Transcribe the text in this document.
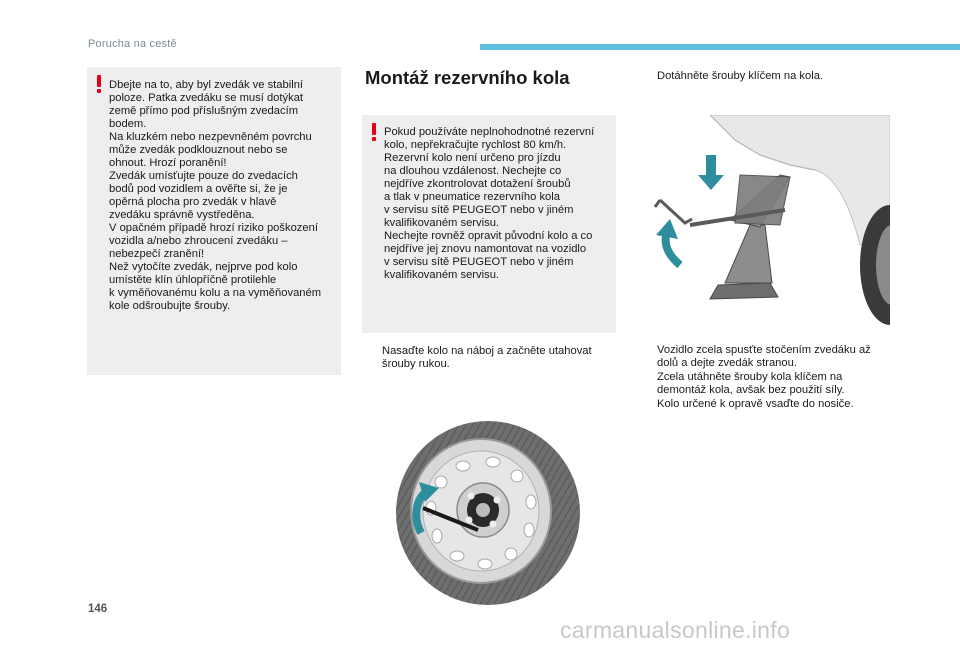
Porucha na cestě
Dbejte na to, aby byl zvedák ve stabilní
poloze. Patka zvedáku se musí dotýkat
země přímo pod příslušným zvedacím
bodem.
Na kluzkém nebo nezpevněném povrchu
může zvedák podklouznout nebo se
ohnout. Hrozí poranění!
Zvedák umísťujte pouze do zvedacích
bodů pod vozidlem a ověřte si, že je
opěrná plocha pro zvedák v hlavě
zvedáku správně vystředěna.
V opačném případě hrozí riziko poškození
vozidla a/nebo zhroucení zvedáku –
nebezpečí zranění!
Než vytočíte zvedák, nejprve pod kolo
umístěte klín úhlopříčně protilehle
k vyměňovanému kolu a na vyměňovaném
kole odšroubujte šrouby.
Montáž rezervního kola
Pokud používáte neplnohodnotné rezervní
kolo, nepřekračujte rychlost 80 km/h.
Rezervní kolo není určeno pro jízdu
na dlouhou vzdálenost. Nechejte co
nejdříve zkontrolovat dotažení šroubů
a tlak v pneumatice rezervního kola
v servisu sítě PEUGEOT nebo v jiném
kvalifikovaném servisu.
Nechejte rovněž opravit původní kolo a co
nejdříve jej znovu namontovat na vozidlo
v servisu sítě PEUGEOT nebo v jiném
kvalifikovaném servisu.
Nasaďte kolo na náboj a začněte utahovat
šrouby rukou.
Dotáhněte šrouby klíčem na kola.
Vozidlo zcela spusťte stočením zvedáku až
dolů a dejte zvedák stranou.
Zcela utáhněte šrouby kola klíčem na
demontáž kola, avšak bez použití síly.
Kolo určené k opravě vsaďte do nosiče.
146
carmanualsonline.info
